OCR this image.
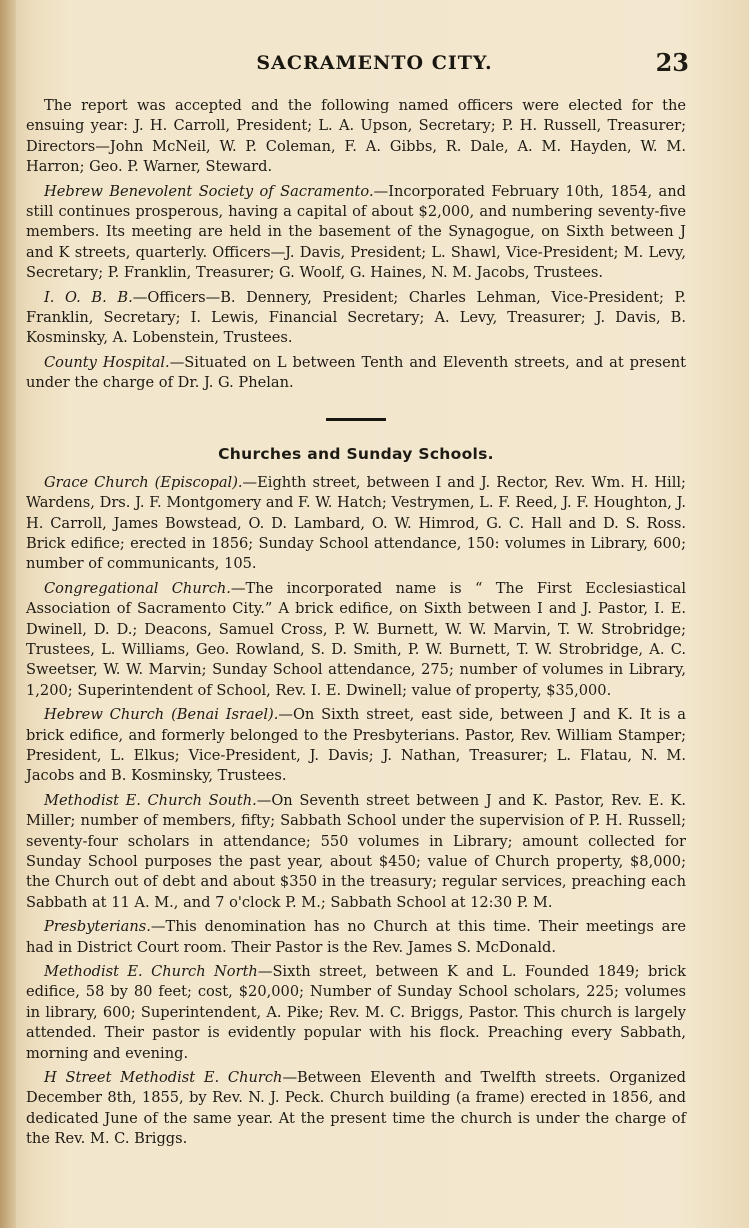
SACRAMENTO CITY.	23

The report was accepted and the following named officers were elected for the ensuing year: J. H. Carroll, President; L. A. Upson, Secretary; P. H. Russell, Treasurer; Directors—John McNeil, W. P. Coleman, F. A. Gibbs, R. Dale, A. M. Hayden, W. M. Harron; Geo. P. Warner, Steward.

Hebrew Benevolent Society of Sacramento.—Incorporated February 10th, 1854, and still continues prosperous, having a capital of about $2,000, and numbering seventy-five members. Its meeting are held in the basement of the Synagogue, on Sixth between J and K streets, quarterly. Officers—J. Davis, President; L. Shawl, Vice-President; M. Levy, Secretary; P. Franklin, Treasurer; G. Woolf, G. Haines, N. M. Jacobs, Trustees.

I. O. B. B.—Officers—B. Dennery, President; Charles Lehman, Vice-President; P. Franklin, Secretary; I. Lewis, Financial Secretary; A. Levy, Treasurer; J. Davis, B. Kosminsky, A. Lobenstein, Trustees.

County Hospital.—Situated on L between Tenth and Eleventh streets, and at present under the charge of Dr. J. G. Phelan.

Churches and Sunday Schools.

Grace Church (Episcopal).—Eighth street, between I and J. Rector, Rev. Wm. H. Hill; Wardens, Drs. J. F. Montgomery and F. W. Hatch; Vestrymen, L. F. Reed, J. F. Houghton, J. H. Carroll, James Bowstead, O. D. Lambard, O. W. Himrod, G. C. Hall and D. S. Ross. Brick edifice; erected in 1856; Sunday School attendance, 150: volumes in Library, 600; number of communicants, 105.

Congregational Church.—The incorporated name is “ The First Ecclesiastical Association of Sacramento City.” A brick edifice, on Sixth between I and J. Pastor, I. E. Dwinell, D. D.; Deacons, Samuel Cross, P. W. Burnett, W. W. Marvin, T. W. Strobridge; Trustees, L. Williams, Geo. Rowland, S. D. Smith, P. W. Burnett, T. W. Strobridge, A. C. Sweetser, W. W. Marvin; Sunday School attendance, 275; number of volumes in Library, 1,200; Superintendent of School, Rev. I. E. Dwinell; value of property, $35,000.

Hebrew Church (Benai Israel).—On Sixth street, east side, between J and K. It is a brick edifice, and formerly belonged to the Presbyterians. Pastor, Rev. William Stamper; President, L. Elkus; Vice-President, J. Davis; J. Nathan, Treasurer; L. Flatau, N. M. Jacobs and B. Kosminsky, Trustees.

Methodist E. Church South.—On Seventh street between J and K. Pastor, Rev. E. K. Miller; number of members, fifty; Sabbath School under the supervision of P. H. Russell; seventy-four scholars in attendance; 550 volumes in Library; amount collected for Sunday School purposes the past year, about $450; value of Church property, $8,000; the Church out of debt and about $350 in the treasury; regular services, preaching each Sabbath at 11 A. M., and 7 o'clock P. M.; Sabbath School at 12:30 P. M.

Presbyterians.—This denomination has no Church at this time. Their meetings are had in District Court room. Their Pastor is the Rev. James S. McDonald.

Methodist E. Church North—Sixth street, between K and L. Founded 1849; brick edifice, 58 by 80 feet; cost, $20,000; Number of Sunday School scholars, 225; volumes in library, 600; Superintendent, A. Pike; Rev. M. C. Briggs, Pastor. This church is largely attended. Their pastor is evidently popular with his flock. Preaching every Sabbath, morning and evening.

H Street Methodist E. Church—Between Eleventh and Twelfth streets. Organized December 8th, 1855, by Rev. N. J. Peck. Church building (a frame) erected in 1856, and dedicated June of the same year. At the present time the church is under the charge of the Rev. M. C. Briggs.
